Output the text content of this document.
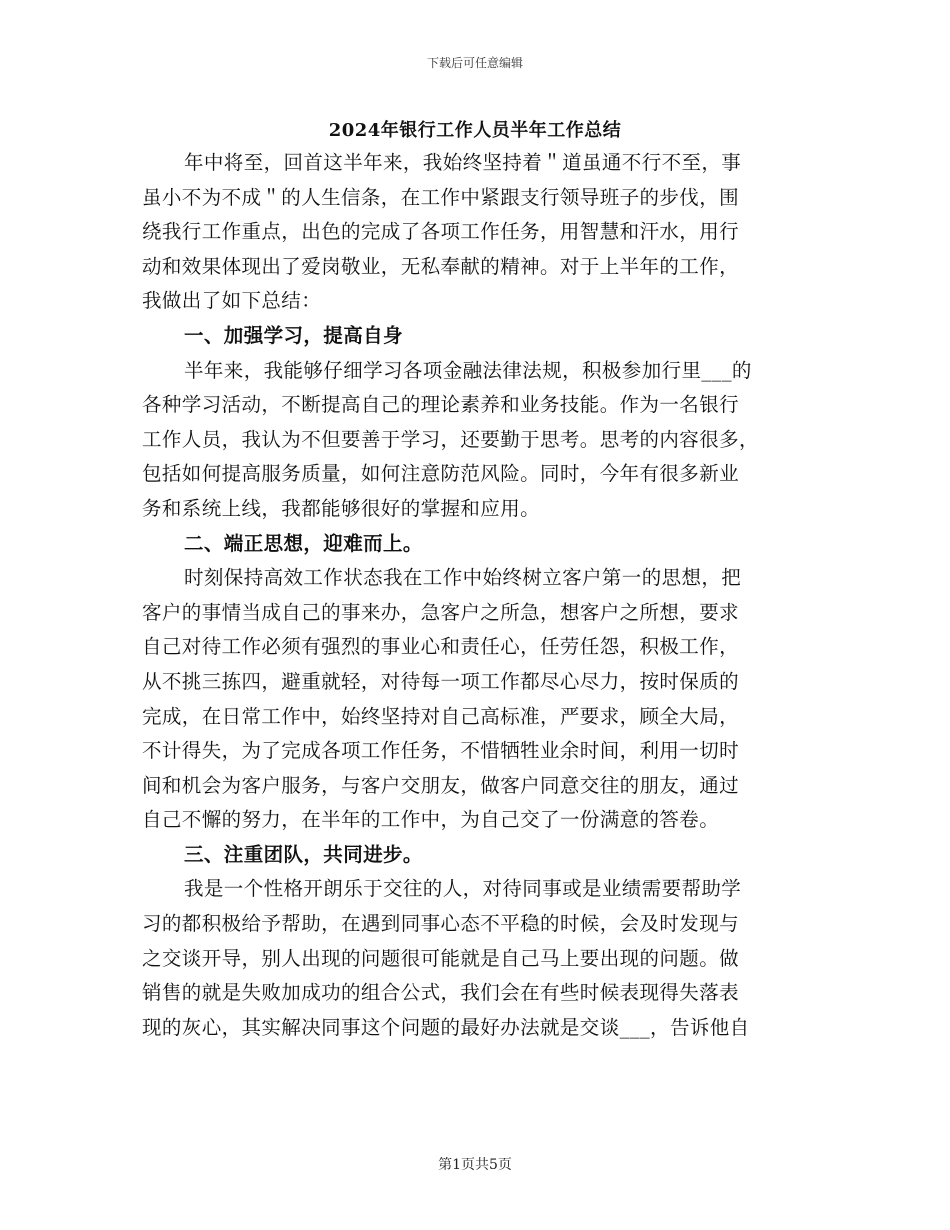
下载后可任意编辑
2024年银行工作人员半年工作总结
年中将至，回首这半年来，我始终坚持着＂道虽通不行不至，事
虽小不为不成＂的人生信条，在工作中紧跟支行领导班子的步伐，围
绕我行工作重点，出色的完成了各项工作任务，用智慧和汗水，用行
动和效果体现出了爱岗敬业，无私奉献的精神。对于上半年的工作，
我做出了如下总结：
一、加强学习，提高自身
半年来，我能够仔细学习各项金融法律法规，积极参加行里___的
各种学习活动，不断提高自己的理论素养和业务技能。作为一名银行
工作人员，我认为不但要善于学习，还要勤于思考。思考的内容很多，
包括如何提高服务质量，如何注意防范风险。同时，今年有很多新业
务和系统上线，我都能够很好的掌握和应用。
二、端正思想，迎难而上。
时刻保持高效工作状态我在工作中始终树立客户第一的思想，把
客户的事情当成自己的事来办，急客户之所急，想客户之所想，要求
自己对待工作必须有强烈的事业心和责任心，任劳任怨，积极工作，
从不挑三拣四，避重就轻，对待每一项工作都尽心尽力，按时保质的
完成，在日常工作中，始终坚持对自己高标准，严要求，顾全大局，
不计得失，为了完成各项工作任务，不惜牺牲业余时间，利用一切时
间和机会为客户服务，与客户交朋友，做客户同意交往的朋友，通过
自己不懈的努力，在半年的工作中，为自己交了一份满意的答卷。
三、注重团队，共同进步。
我是一个性格开朗乐于交往的人，对待同事或是业绩需要帮助学
习的都积极给予帮助，在遇到同事心态不平稳的时候，会及时发现与
之交谈开导，别人出现的问题很可能就是自己马上要出现的问题。做
销售的就是失败加成功的组合公式，我们会在有些时候表现得失落表
现的灰心，其实解决同事这个问题的最好办法就是交谈___，告诉他自
第1页共5页
